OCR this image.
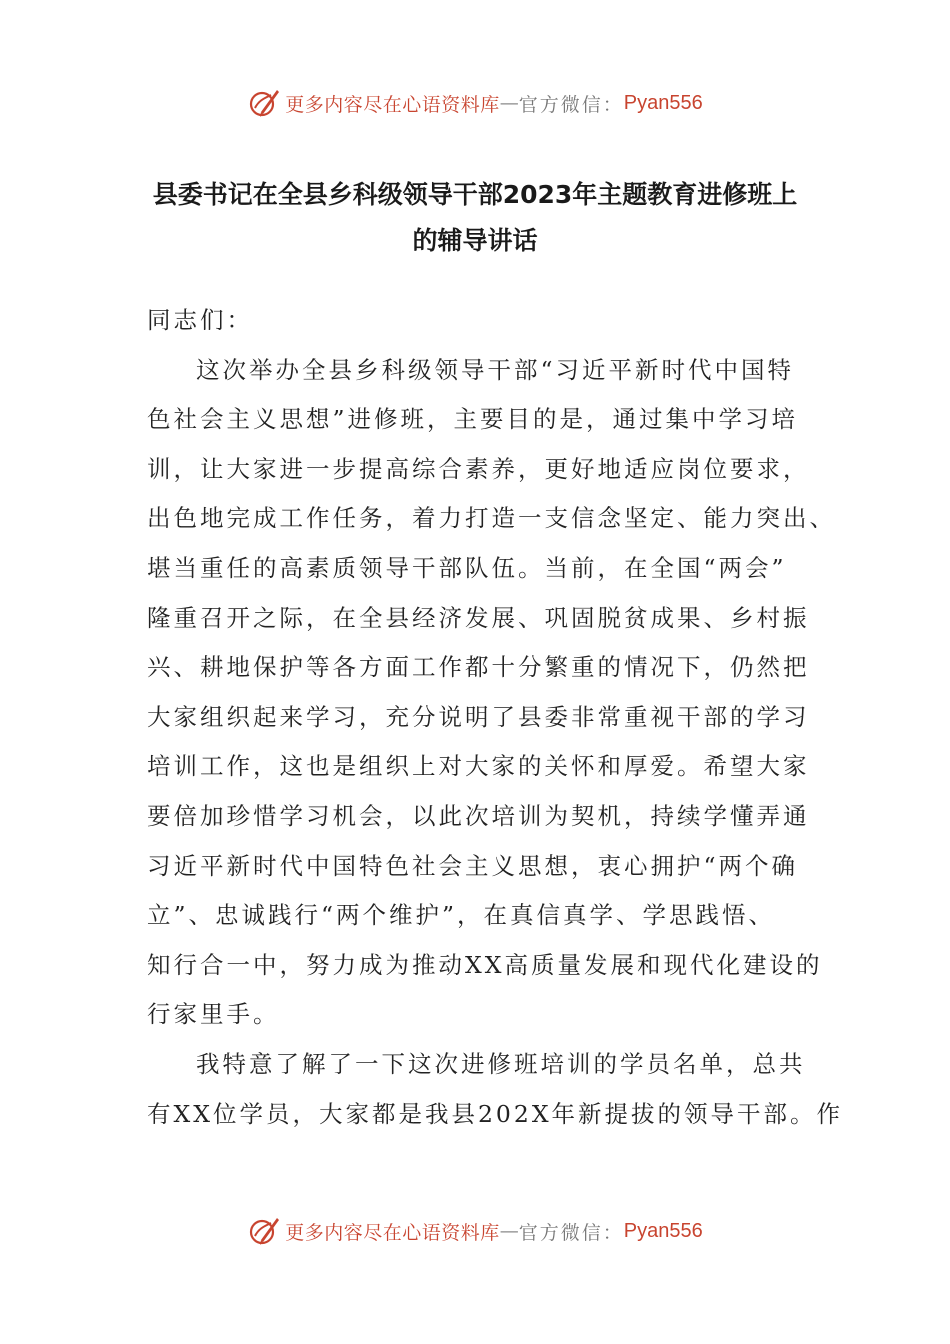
更多内容尽在心语资料库 — 官方微信： Pyan556
县委书记在全县乡科级领导干部2023年主题教育进修班上
的辅导讲话
同志们：
这次举办全县乡科级领导干部“习近平新时代中国特
色社会主义思想”进修班，主要目的是，通过集中学习培
训，让大家进一步提高综合素养，更好地适应岗位要求，
出色地完成工作任务，着力打造一支信念坚定、能力突出、
堪当重任的高素质领导干部队伍。当前，在全国“两会”
隆重召开之际，在全县经济发展、巩固脱贫成果、乡村振
兴、耕地保护等各方面工作都十分繁重的情况下，仍然把
大家组织起来学习，充分说明了县委非常重视干部的学习
培训工作，这也是组织上对大家的关怀和厚爱。希望大家
要倍加珍惜学习机会，以此次培训为契机，持续学懂弄通
习近平新时代中国特色社会主义思想，衷心拥护“两个确
立”、忠诚践行“两个维护”，在真信真学、学思践悟、
知行合一中，努力成为推动XX高质量发展和现代化建设的
行家里手。
我特意了解了一下这次进修班培训的学员名单，总共
有XX位学员，大家都是我县202X年新提拔的领导干部。作
更多内容尽在心语资料库 — 官方微信： Pyan556
